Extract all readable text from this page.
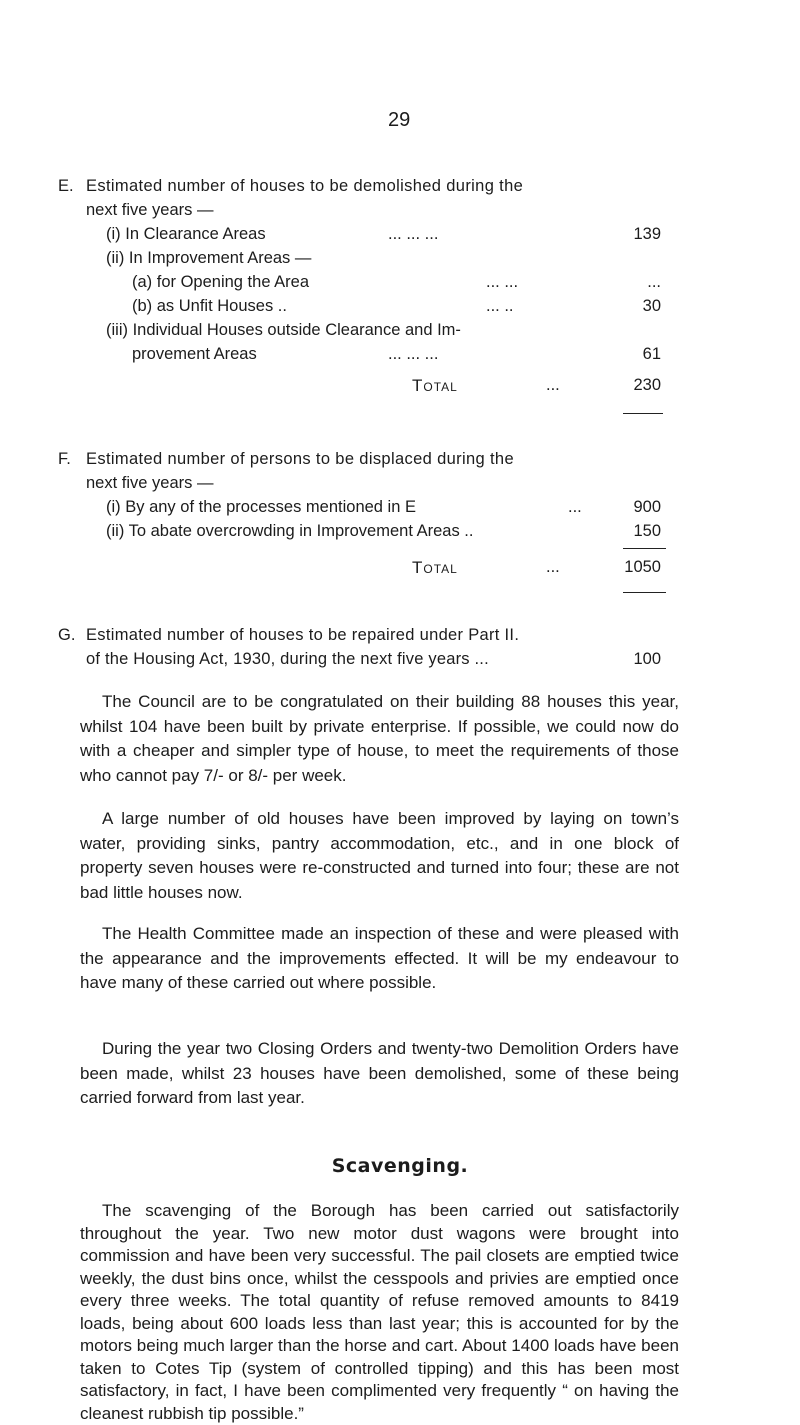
29
E. Estimated number of houses to be demolished during the
next five years —
(i) In Clearance Areas	... ... ...	139
(ii) In Improvement Areas —
(a) for Opening the Area	... ...	...
(b) as Unfit Houses ..	... ..	30
(iii) Individual Houses outside Clearance and Im-
provement Areas	... ... ...	61
Total	...	230
F. Estimated number of persons to be displaced during the
next five years —
(i) By any of the processes mentioned in E	...	900
(ii) To abate overcrowding in Improvement Areas ..	150
Total	...	1050
G. Estimated number of houses to be repaired under Part II.
of the Housing Act, 1930, during the next five years ...	100

The Council are to be congratulated on their building 88 houses this year, whilst 104 have been built by private enterprise. If possible, we could now do with a cheaper and simpler type of house, to meet the requirements of those who cannot pay 7/- or 8/- per week.

A large number of old houses have been improved by laying on town’s water, providing sinks, pantry accommodation, etc., and in one block of property seven houses were re-constructed and turned into four; these are not bad little houses now.

The Health Committee made an inspection of these and were pleased with the appearance and the improvements effected. It will be my endeavour to have many of these carried out where possible.

During the year two Closing Orders and twenty-two Demolition Orders have been made, whilst 23 houses have been demolished, some of these being carried forward from last year.

Scavenging.

The scavenging of the Borough has been carried out satisfactorily throughout the year. Two new motor dust wagons were brought into commission and have been very successful. The pail closets are emptied twice weekly, the dust bins once, whilst the cesspools and privies are emptied once every three weeks. The total quantity of refuse removed amounts to 8419 loads, being about 600 loads less than last year; this is accounted for by the motors being much larger than the horse and cart. About 1400 loads have been taken to Cotes Tip (system of controlled tipping) and this has been most satisfactory, in fact, I have been complimented very frequently “ on having the cleanest rubbish tip possible.”
